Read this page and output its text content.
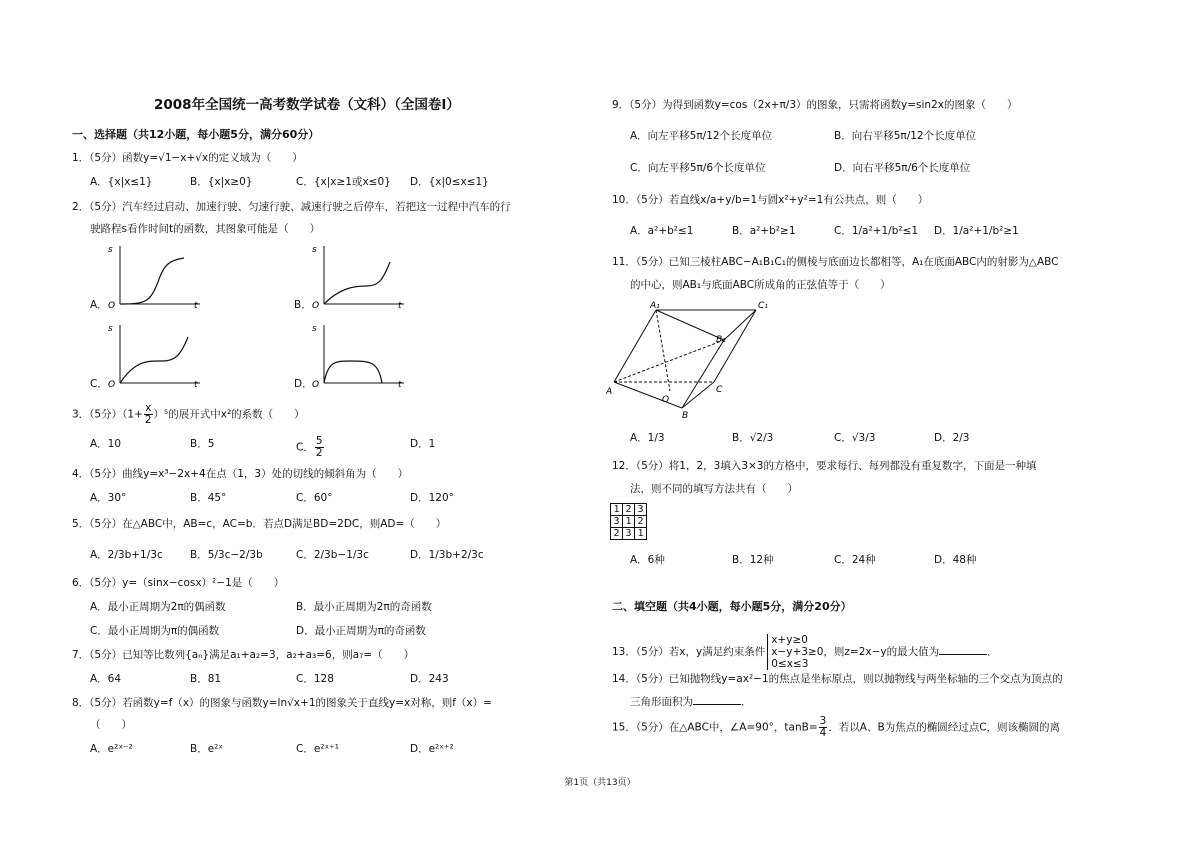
2008年全国统一高考数学试卷（文科）（全国卷Ⅰ）
一、选择题（共12小题，每小题5分，满分60分）
1．（5分）函数y=√1−x+√x的定义域为（　　）
A．{x|x≤1}	B．{x|x≥0}	C．{x|x≥1或x≤0} D．{x|0≤x≤1}
2．（5分）汽车经过启动、加速行驶、匀速行驶、减速行驶之后停车，若把这一过程中汽车的行
驶路程s看作时间t的函数，其图象可能是（　　）
A．
s
t
O	B．
s
t
O
C．
s
t
O	D．
s
t
O
3．（5分）$(1+ \frac{x}{2} )^5$的展开式中x²的系数（　　）
A．10	B．5	C． $\frac{5}{2}$	D．1
4．（5分）曲线y=x³−2x+4在点（1，3）处的切线的倾斜角为（　　）
A．30°	B．45°	C．60°	D．120°
5．（5分）在△ABC中，AB=c，AC=b．若点D满足BD=2DC，则AD=（　　）
A．2/3b+1/3c	B．5/3c−2/3b	C．2/3b−1/3c	D．1/3b+2/3c
6．（5分）y=（sinx−cosx）²−1是（　　）
A．最小正周期为2π的偶函数	B．最小正周期为2π的奇函数
C．最小正周期为π的偶函数	D．最小正周期为π的奇函数
7．（5分）已知等比数列{aₙ}满足a₁+a₂=3，a₂+a₃=6，则a₇=（　　）
A．64	B．81	C．128	D．243
8．（5分）若函数y=f（x）的图象与函数y=ln√x+1的图象关于直线y=x对称，则f（x）=
（　　）
A．e²ˣ⁻²	B．e²ˣ	C．e²ˣ⁺¹	D．e²ˣ⁺²
9．（5分）为得到函数y=cos（2x+π/3）的图象，只需将函数y=sin2x的图象（　　）
A．向左平移5π/12个长度单位	B．向右平移5π/12个长度单位
C．向左平移5π/6个长度单位	D．向右平移5π/6个长度单位
10．（5分）若直线x/a+y/b=1与圆x²+y²=1有公共点，则（　　）
A．a²+b²≤1	B．a²+b²≥1	C．1/a²+1/b²≤1 D．1/a²+1/b²≥1
11．（5分）已知三棱柱ABC−A₁B₁C₁的侧棱与底面边长都相等，A₁在底面ABC内的射影为△ABC
的中心，则AB₁与底面ABC所成角的正弦值等于（　　）
A₁	C₁
B₁
A
B
C
O
A．1/3	B．√2/3	C．√3/3	D．2/3
12．（5分）将1，2，3填入3×3的方格中，要求每行、每列都没有重复数字，下面是一种填
法，则不同的填写方法共有（　　）
1	2	3
3	1	2
2	3	1
A．6种	B．12种	C．24种	D．48种
二、填空题（共4小题，每小题5分，满分20分）
13．（5分）若x，y满足约束条件
x+y≥0
x−y+3≥0
0≤x≤3
，则z=2x−y的最大值为	．
14．（5分）已知抛物线y=ax²−1的焦点是坐标原点，则以抛物线与两坐标轴的三个交点为顶点的
三角形面积为	．
15．（5分）在△ABC中，∠A=90°，$\tan B= \frac{3}{4}$ ．若以A、B为焦点的椭圆经过点C，则该椭圆的离
第1页（共13页）
